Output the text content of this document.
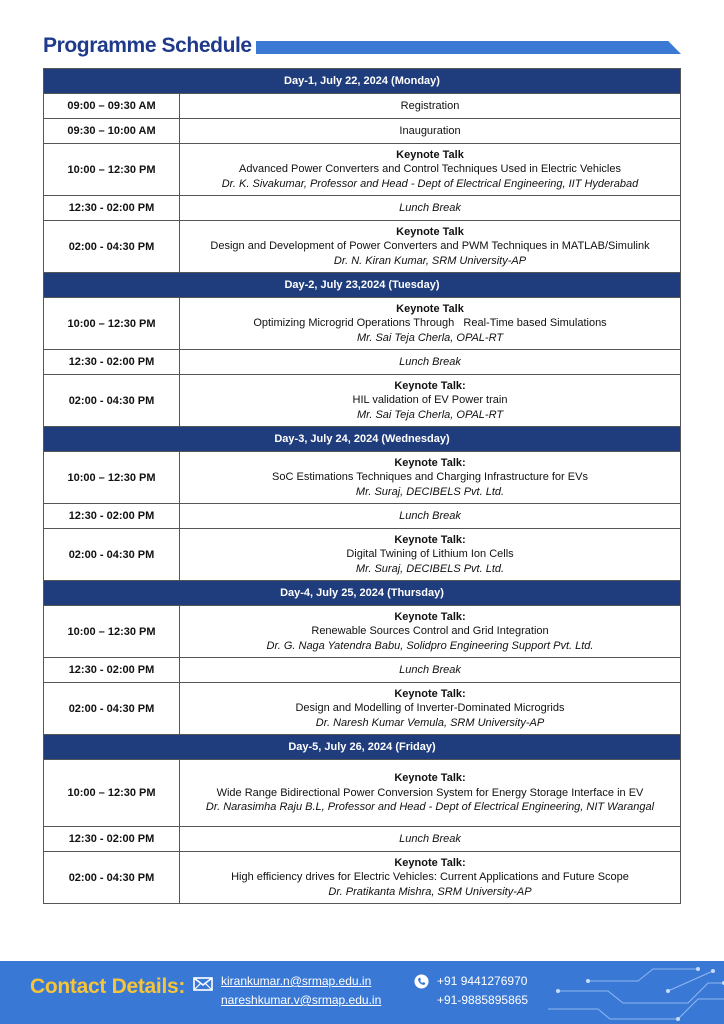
Programme Schedule
Day-1, July 22, 2024 (Monday)	
09:00 – 09:30 AM	Registration
09:30 – 10:00 AM	Inauguration
10:00 – 12:30 PM	Keynote Talk
Advanced Power Converters and Control Techniques Used in Electric Vehicles
Dr. K. Sivakumar, Professor and Head - Dept of Electrical Engineering, IIT Hyderabad

12:30 - 02:00 PM	Lunch Break
02:00 - 04:30 PM	Keynote Talk
Design and Development of Power Converters and PWM Techniques in MATLAB/Simulink
Dr. N. Kiran Kumar, SRM University-AP

Day-2, July 23,2024 (Tuesday)	
10:00 – 12:30 PM	Keynote Talk
Optimizing Microgrid Operations Through   Real-Time based Simulations
Mr. Sai Teja Cherla, OPAL-RT

12:30 - 02:00 PM	Lunch Break
02:00 - 04:30 PM	Keynote Talk:
HIL validation of EV Power train
Mr. Sai Teja Cherla, OPAL-RT

Day-3, July 24, 2024 (Wednesday)	
10:00 – 12:30 PM	Keynote Talk:
SoC Estimations Techniques and Charging Infrastructure for EVs
Mr. Suraj, DECIBELS Pvt. Ltd.

12:30 - 02:00 PM	Lunch Break
02:00 - 04:30 PM	Keynote Talk:
Digital Twining of Lithium Ion Cells
Mr. Suraj, DECIBELS Pvt. Ltd.

Day-4, July 25, 2024 (Thursday)	
10:00 – 12:30 PM	Keynote Talk:
Renewable Sources Control and Grid Integration
Dr. G. Naga Yatendra Babu, Solidpro Engineering Support Pvt. Ltd.

12:30 - 02:00 PM	Lunch Break
02:00 - 04:30 PM	Keynote Talk:
Design and Modelling of Inverter-Dominated Microgrids
Dr. Naresh Kumar Vemula, SRM University-AP

Day-5, July 26, 2024 (Friday)	
10:00 – 12:30 PM	Keynote Talk:
Wide Range Bidirectional Power Conversion System for Energy Storage Interface in EV
Dr. Narasimha Raju B.L, Professor and Head - Dept of Electrical Engineering, NIT Warangal

12:30 - 02:00 PM	Lunch Break
02:00 - 04:30 PM	Keynote Talk:
High efficiency drives for Electric Vehicles: Current Applications and Future Scope
Dr. Pratikanta Mishra, SRM University-AP
Contact Details:	kirankumar.n@srmap.edu.in
nareshkumar.v@srmap.edu.in
+91 9441276970
+91-9885895865
